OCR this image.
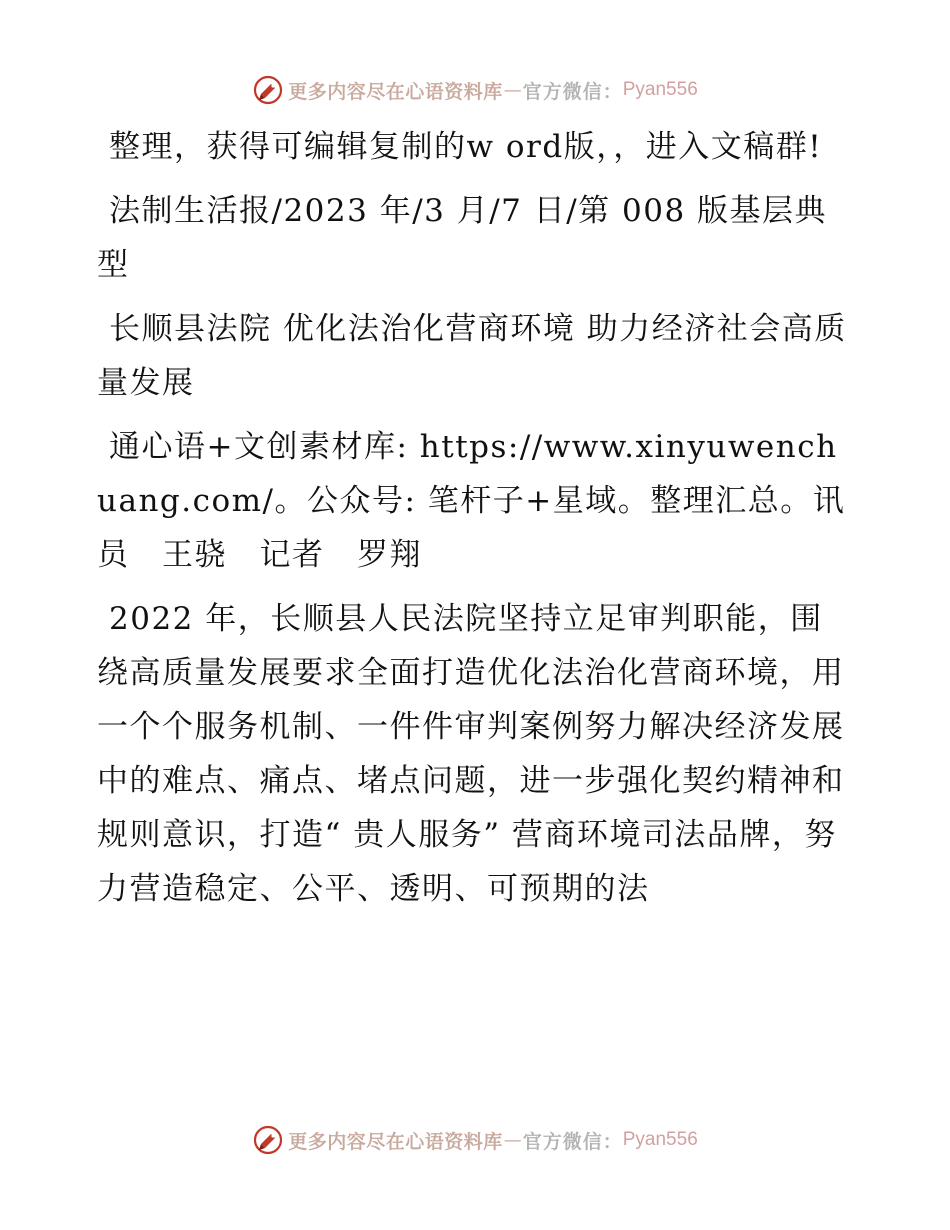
更多内容尽在心语资料库 — 官方微信： Pyan556

整理，获得可编辑复制的w ord版，，进入文稿群!

法制生活报/2023 年/3 月/7 日/第 008 版基层典型

长顺县法院 优化法治化营商环境 助力经济社会高质量发展

通心语+文创素材库: https://www.xinyuwenchuang.com/。公众号: 笔杆子+星域。整理汇总。讯员　王骁　记者　罗翔

2022 年，长顺县人民法院坚持立足审判职能，围绕高质量发展要求全面打造优化法治化营商环境，用一个个服务机制、一件件审判案例努力解决经济发展中的难点、痛点、堵点问题，进一步强化契约精神和规则意识，打造“ 贵人服务” 营商环境司法品牌，努力营造稳定、公平、透明、可预期的法

更多内容尽在心语资料库 — 官方微信： Pyan556
